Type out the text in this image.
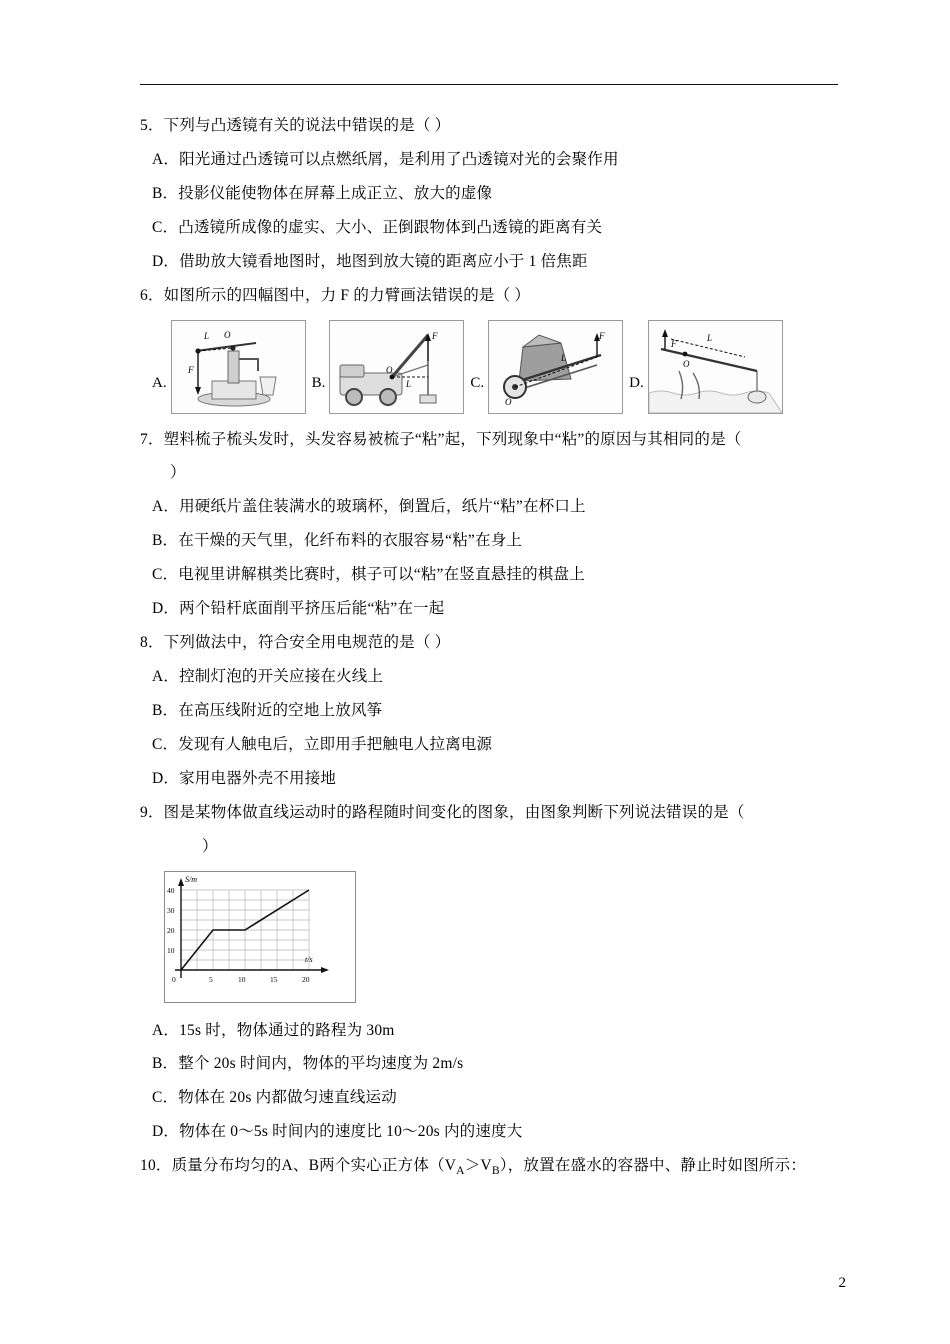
5．下列与凸透镜有关的说法中错误的是（ ）
A．阳光通过凸透镜可以点燃纸屑，是利用了凸透镜对光的会聚作用
B．投影仪能使物体在屏幕上成正立、放大的虚像
C．凸透镜所成像的虚实、大小、正倒跟物体到凸透镜的距离有关
D．借助放大镜看地图时，地图到放大镜的距离应小于 1 倍焦距
6．如图所示的四幅图中，力 F 的力臂画法错误的是（ ）
A.
L O
F
B.
F
O
L	C.
F
L
O
D.
F
L
O
7．塑料梳子梳头发时，头发容易被梳子“粘”起，下列现象中“粘”的原因与其相同的是（
）
A．用硬纸片盖住装满水的玻璃杯，倒置后，纸片“粘”在杯口上
B．在干燥的天气里，化纤布料的衣服容易“粘”在身上
C．电视里讲解棋类比赛时，棋子可以“粘”在竖直悬挂的棋盘上
D．两个铅杆底面削平挤压后能“粘”在一起
8．下列做法中，符合安全用电规范的是（ ）
A．控制灯泡的开关应接在火线上
B．在高压线附近的空地上放风筝
C．发现有人触电后，立即用手把触电人拉离电源
D．家用电器外壳不用接地
9．图是某物体做直线运动时的路程随时间变化的图象，由图象判断下列说法错误的是（
）
40
30
20
10
0	5	10	15	20
S/m
t/s
A．15s 时，物体通过的路程为 30m
B．整个 20s 时间内，物体的平均速度为 2m/s
C．物体在 20s 内都做匀速直线运动
D．物体在 0～5s 时间内的速度比 10～20s 内的速度大
10．质量分布均匀的A、B两个实心正方体$(V_A>V_B)$，放置在盛水的容器中、静止时如图所示：
2
